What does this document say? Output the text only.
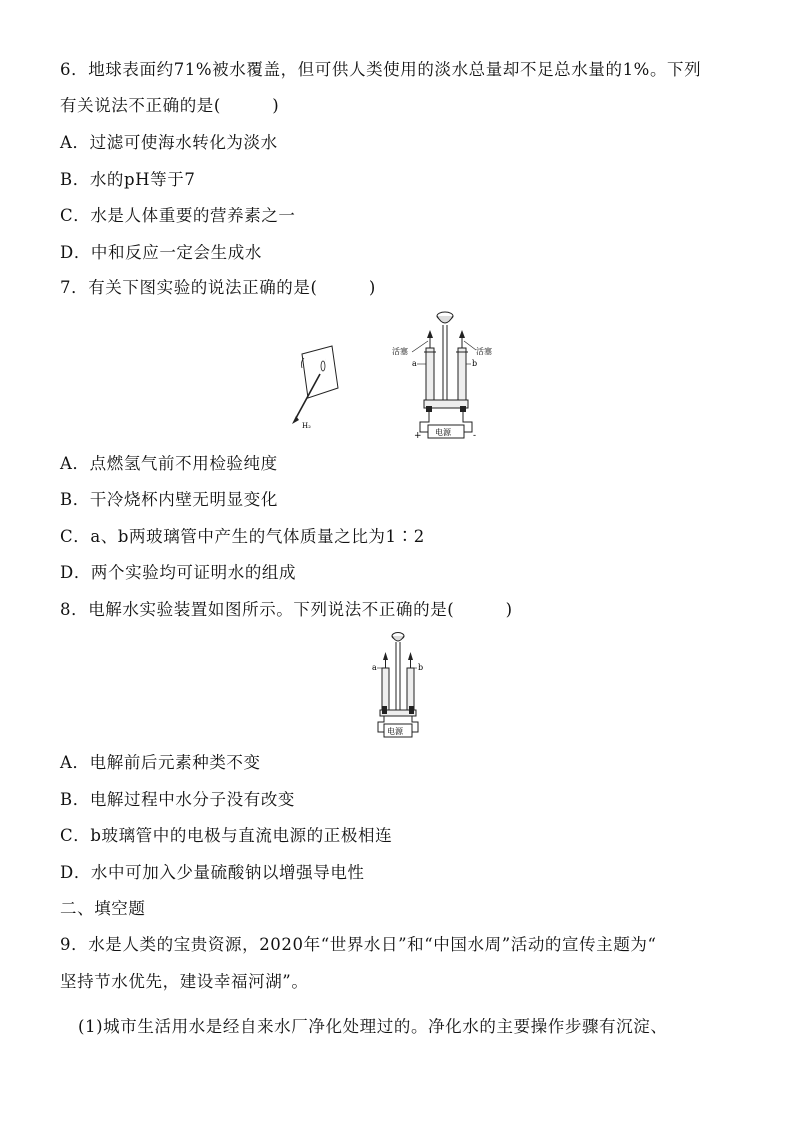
6．地球表面约71%被水覆盖，但可供人类使用的淡水总量却不足总水量的1%。下列
有关说法不正确的是(　　　)
A．过滤可使海水转化为淡水
B．水的pH等于7
C．水是人体重要的营养素之一
D．中和反应一定会生成水
7．有关下图实验的说法正确的是(　　　)
H₂
电源
+	-
活塞	活塞
a	b
A．点燃氢气前不用检验纯度
B．干冷烧杯内壁无明显变化
C．a、b两玻璃管中产生的气体质量之比为1∶2
D．两个实验均可证明水的组成
8．电解水实验装置如图所示。下列说法不正确的是(　　　)
电源
a	b
A．电解前后元素种类不变
B．电解过程中水分子没有改变
C．b玻璃管中的电极与直流电源的正极相连
D．水中可加入少量硫酸钠以增强导电性
二、填空题
9．水是人类的宝贵资源，2020年“世界水日”和“中国水周”活动的宣传主题为“
坚持节水优先，建设幸福河湖”。
(1)城市生活用水是经自来水厂净化处理过的。净化水的主要操作步骤有沉淀、
